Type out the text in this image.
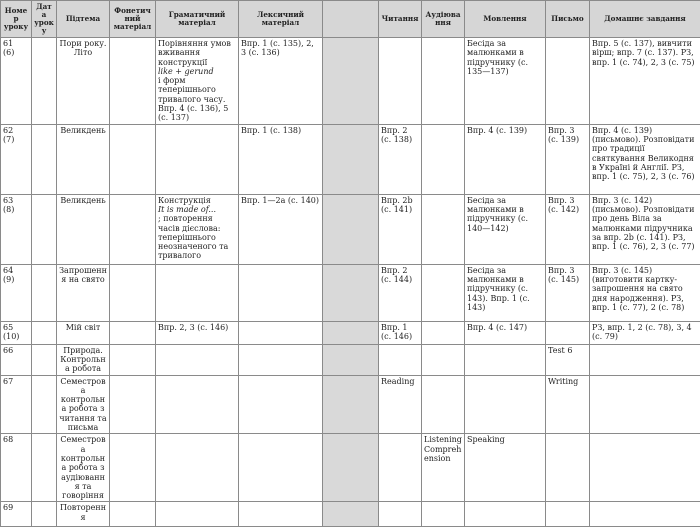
Номер уроку	Дата уроку	Підтема	Фонетичний матеріал	Граматичний матеріал	Лексичний матеріал		Читання	Аудіювання	Мовлення	Письмо	Домашнє завдання
61
(6)		Пори року. Літо		Порівняння умов вживання конструкції
like + gerund
і форм теперішнього тривалого часу. Впр. 4 (с. 136), 5 (с. 137)	Впр. 1 (с. 135), 2, 3 (с. 136)				Бесіда за малюнками в підручнику (с. 135—137)		Впр. 5 (с. 137), вивчити вірш; впр. 7 (с. 137). РЗ, впр. 1 (с. 74), 2, 3 (с. 75)
62
(7)		Великдень			Впр. 1 (с. 138)		Впр. 2 (с. 138)		Впр. 4 (с. 139)	Впр. 3 (с. 139)	Впр. 4 (с. 139) (письмово). Розповідати про традиції святкування Великодня в Україні й Англії. РЗ, впр. 1 (с. 75), 2, 3 (с. 76)
63
(8)		Великдень		Конструкція
It is made of...
; повторення часів дієслова: теперішнього неозначеного та тривалого	Впр. 1—2а (с. 140)		Впр. 2b (с. 141)		Бесіда за малюнками в підручнику (с. 140—142)	Впр. 3 (с. 142)	Впр. 3 (с. 142) (письмово). Розповідати про день Віла за малюнками підручника за впр. 2b (с. 141). РЗ, впр. 1 (с. 76), 2, 3 (с. 77)
64
(9)		Запрошення на свято					Впр. 2 (с. 144)		Бесіда за малюнками в підручнику (с. 143). Впр. 1 (с. 143)	Впр. 3 (с. 145)	Впр. 3 (с. 145) (виготовити картку-запрошення на свято дня народження). РЗ, впр. 1 (с. 77), 2 (с. 78)
65
(10)		Мій світ		Впр. 2, 3 (с. 146)			Впр. 1 (с. 146)		Впр. 4 (с. 147)		РЗ, впр. 1, 2 (с. 78), 3, 4 (с. 79)
66		Природа. Контрольна робота								Test 6	
67		Семестрова контрольна робота з читання та письма					Reading			Writing	
68		Семестрова контрольна робота з аудіювання та говоріння						Listening Comprehension	Speaking		
69		Повторення		
